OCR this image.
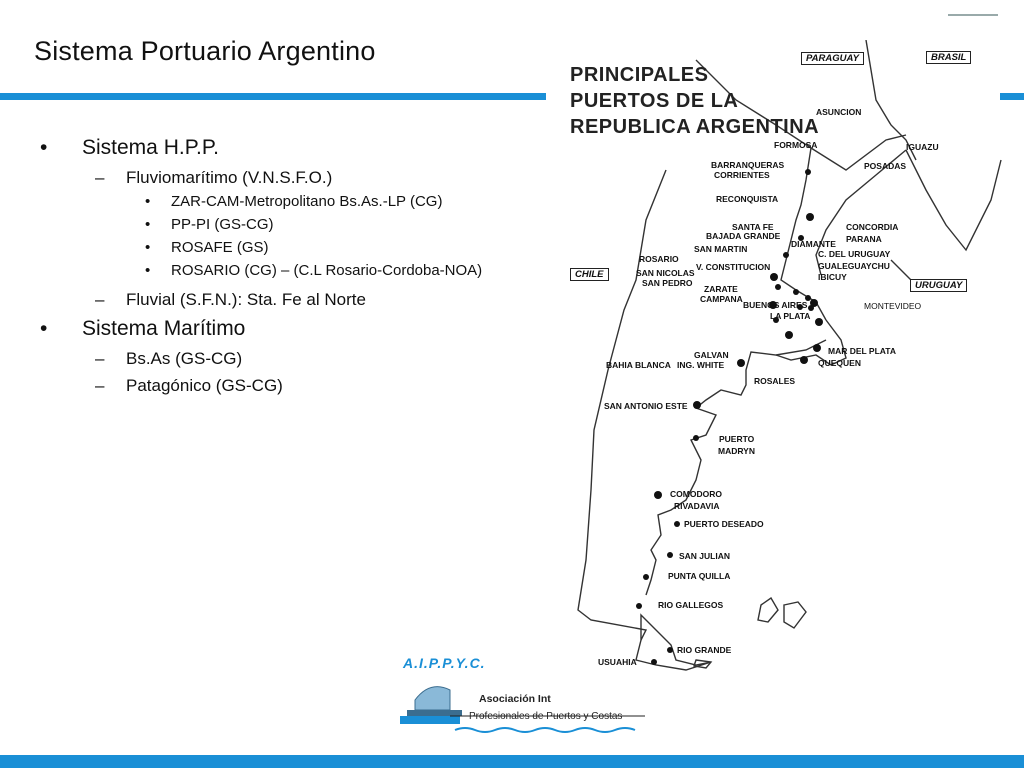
Sistema Portuario Argentino
• Sistema H.P.P.
– Fluviomarítimo (V.N.S.F.O.)
• ZAR-CAM-Metropolitano Bs.As.-LP (CG)
• PP-PI (GS-CG)
• ROSAFE (GS)
• ROSARIO (CG) – (C.L Rosario-Cordoba-NOA)
– Fluvial (S.F.N.): Sta. Fe al Norte
• Sistema Marítimo
– Bs.As (GS-CG)
– Patagónico (GS-CG)
ASUNCION
FORMOSA	IGUAZU
POSADAS
BARRANQUERAS
CORRIENTES
RECONQUISTA
SANTA FE
BAJADA GRANDE
SAN MARTIN	DIAMANTE
CONCORDIA
PARANA
C. DEL URUGUAY
GUALEGUAYCHU
IBICUY
ROSARIO
V. CONSTITUCION
SAN NICOLAS
SAN PEDRO
ZARATE
CAMPANA
BUENOS AIRES
LA PLATA
MONTEVIDEO
GALVAN
BAHIA BLANCA ING. WHITE
ROSALES
MAR DEL PLATA
QUEQUEN
SAN ANTONIO ESTE
PUERTO
MADRYN
COMODORO
RIVADAVIA
PUERTO DESEADO
SAN JULIAN
PUNTA QUILLA
RIO GALLEGOS
RIO GRANDE
USUAHIA
PRINCIPALES
PUERTOS DE LA
REPUBLICA ARGENTINA
PARAGUAY	BRASIL
CHILE
URUGUAY
A.I.P.P.Y.C.
Asociación Int
Profesionales de Puertos y Costas
